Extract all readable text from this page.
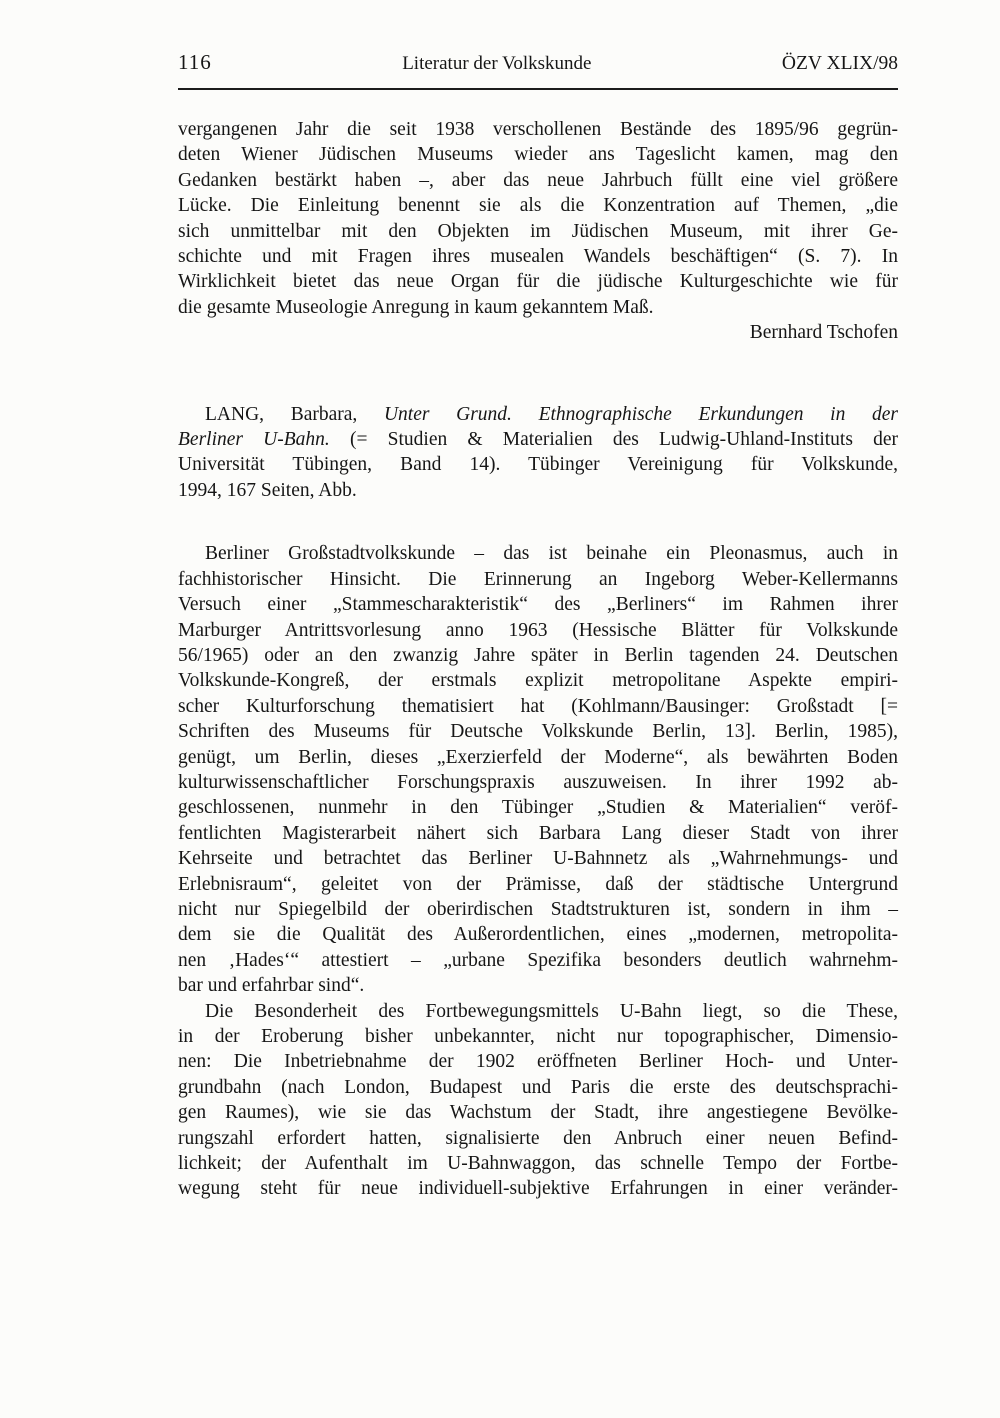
116	Literatur der Volkskunde	ÖZV XLIX/98
vergangenen Jahr die seit 1938 verschollenen Bestände des 1895/96 gegrün-
deten Wiener Jüdischen Museums wieder ans Tageslicht kamen, mag den
Gedanken bestärkt haben –, aber das neue Jahrbuch füllt eine viel größere
Lücke. Die Einleitung benennt sie als die Konzentration auf Themen, „die
sich unmittelbar mit den Objekten im Jüdischen Museum, mit ihrer Ge-
schichte und mit Fragen ihres musealen Wandels beschäftigen“ (S. 7). In
Wirklichkeit bietet das neue Organ für die jüdische Kulturgeschichte wie für
die gesamte Museologie Anregung in kaum gekanntem Maß.
Bernhard Tschofen
LANG, Barbara, Unter Grund. Ethnographische Erkundungen in der
Berliner U-Bahn. (= Studien & Materialien des Ludwig-Uhland-Instituts der
Universität Tübingen, Band 14). Tübinger Vereinigung für Volkskunde,
1994, 167 Seiten, Abb.
Berliner Großstadtvolkskunde – das ist beinahe ein Pleonasmus, auch in
fachhistorischer Hinsicht. Die Erinnerung an Ingeborg Weber-Kellermanns
Versuch einer „Stammescharakteristik“ des „Berliners“ im Rahmen ihrer
Marburger Antrittsvorlesung anno 1963 (Hessische Blätter für Volkskunde
56/1965) oder an den zwanzig Jahre später in Berlin tagenden 24. Deutschen
Volkskunde-Kongreß, der erstmals explizit metropolitane Aspekte empiri-
scher Kulturforschung thematisiert hat (Kohlmann/Bausinger: Großstadt [=
Schriften des Museums für Deutsche Volkskunde Berlin, 13]. Berlin, 1985),
genügt, um Berlin, dieses „Exerzierfeld der Moderne“, als bewährten Boden
kulturwissenschaftlicher Forschungspraxis auszuweisen. In ihrer 1992 ab-
geschlossenen, nunmehr in den Tübinger „Studien & Materialien“ veröf-
fentlichten Magisterarbeit nähert sich Barbara Lang dieser Stadt von ihrer
Kehrseite und betrachtet das Berliner U-Bahnnetz als „Wahrnehmungs- und
Erlebnisraum“, geleitet von der Prämisse, daß der städtische Untergrund
nicht nur Spiegelbild der oberirdischen Stadtstrukturen ist, sondern in ihm –
dem sie die Qualität des Außerordentlichen, eines „modernen, metropolita-
nen ‚Hades‘“ attestiert – „urbane Spezifika besonders deutlich wahrnehm-
bar und erfahrbar sind“.
Die Besonderheit des Fortbewegungsmittels U-Bahn liegt, so die These,
in der Eroberung bisher unbekannter, nicht nur topographischer, Dimensio-
nen: Die Inbetriebnahme der 1902 eröffneten Berliner Hoch- und Unter-
grundbahn (nach London, Budapest und Paris die erste des deutschsprachi-
gen Raumes), wie sie das Wachstum der Stadt, ihre angestiegene Bevölke-
rungszahl erfordert hatten, signalisierte den Anbruch einer neuen Befind-
lichkeit; der Aufenthalt im U-Bahnwaggon, das schnelle Tempo der Fortbe-
wegung steht für neue individuell-subjektive Erfahrungen in einer veränder-
